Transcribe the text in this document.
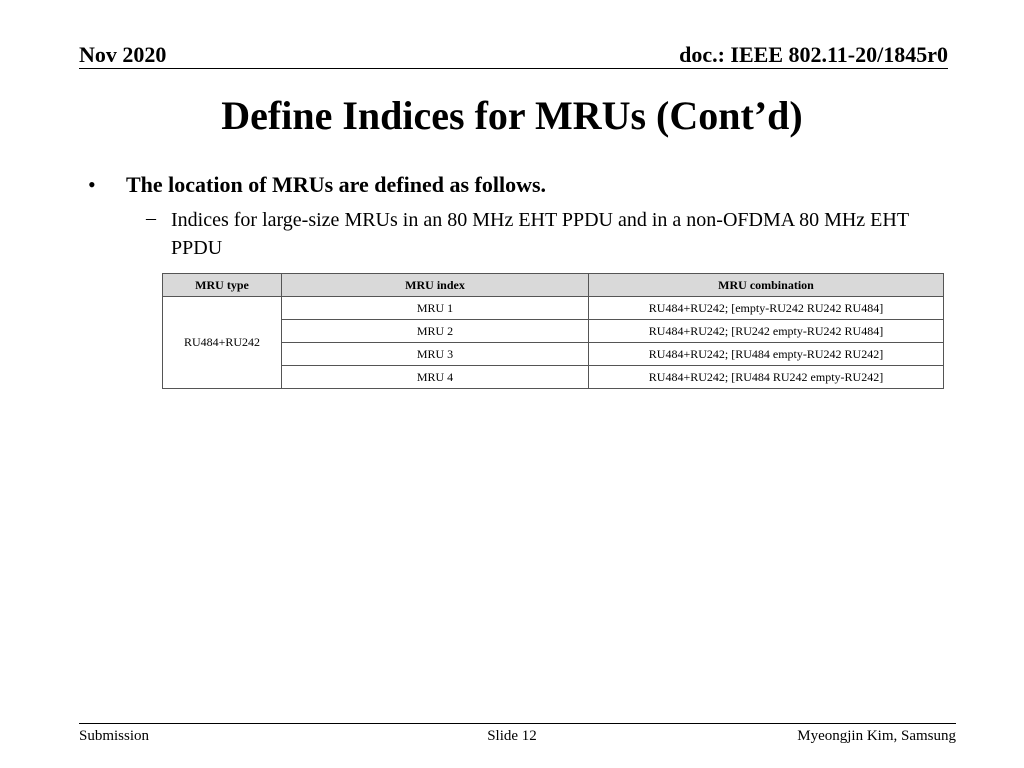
Nov 2020	doc.: IEEE 802.11-20/1845r0
Define Indices for MRUs (Cont’d)
• The location of MRUs are defined as follows.
– Indices for large-size MRUs in an 80 MHz EHT PPDU and in a non-OFDMA 80 MHz EHT PPDU
MRU type	MRU index	MRU combination
RU484+RU242	MRU 1	RU484+RU242; [empty-RU242 RU242 RU484]
	MRU 2	RU484+RU242; [RU242 empty-RU242 RU484]
	MRU 3	RU484+RU242; [RU484 empty-RU242 RU242]
	MRU 4	RU484+RU242; [RU484 RU242 empty-RU242]
Submission	Slide 12	Myeongjin Kim, Samsung
